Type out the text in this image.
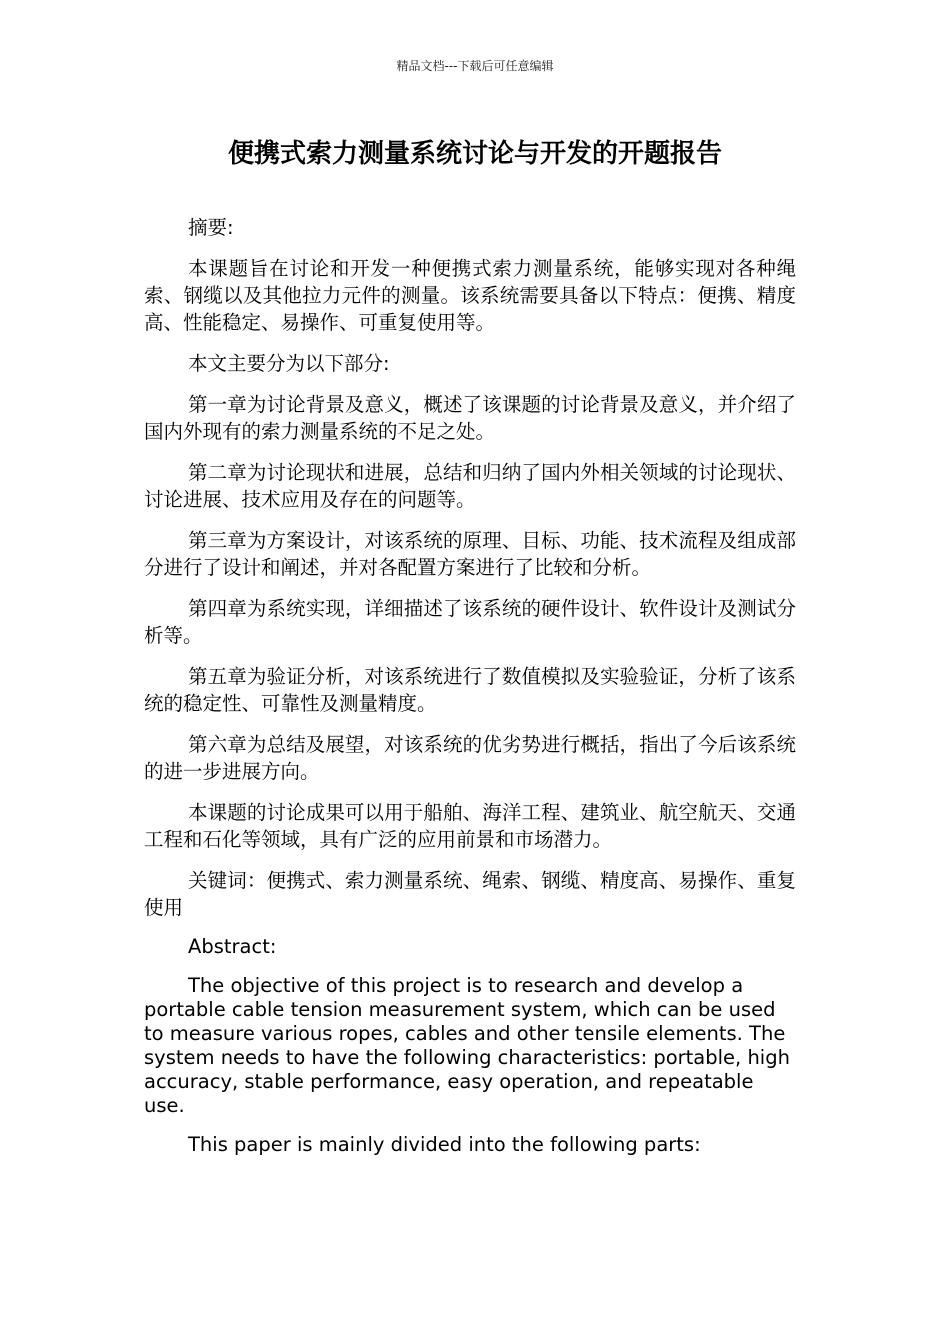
精品文档---下载后可任意编辑
便携式索力测量系统讨论与开发的开题报告

摘要:

本课题旨在讨论和开发一种便携式索力测量系统，能够实现对各种绳索、钢缆以及其他拉力元件的测量。该系统需要具备以下特点：便携、精度高、性能稳定、易操作、可重复使用等。

本文主要分为以下部分:

第一章为讨论背景及意义，概述了该课题的讨论背景及意义，并介绍了国内外现有的索力测量系统的不足之处。

第二章为讨论现状和进展，总结和归纳了国内外相关领域的讨论现状、讨论进展、技术应用及存在的问题等。

第三章为方案设计，对该系统的原理、目标、功能、技术流程及组成部分进行了设计和阐述，并对各配置方案进行了比较和分析。

第四章为系统实现，详细描述了该系统的硬件设计、软件设计及测试分析等。

第五章为验证分析，对该系统进行了数值模拟及实验验证，分析了该系统的稳定性、可靠性及测量精度。

第六章为总结及展望，对该系统的优劣势进行概括，指出了今后该系统的进一步进展方向。

本课题的讨论成果可以用于船舶、海洋工程、建筑业、航空航天、交通工程和石化等领域，具有广泛的应用前景和市场潜力。

关键词：便携式、索力测量系统、绳索、钢缆、精度高、易操作、重复使用

Abstract:

The objective of this project is to research and develop a portable cable tension measurement system, which can be used to measure various ropes, cables and other tensile elements. The system needs to have the following characteristics: portable, high accuracy, stable performance, easy operation, and repeatable use.

This paper is mainly divided into the following parts:
